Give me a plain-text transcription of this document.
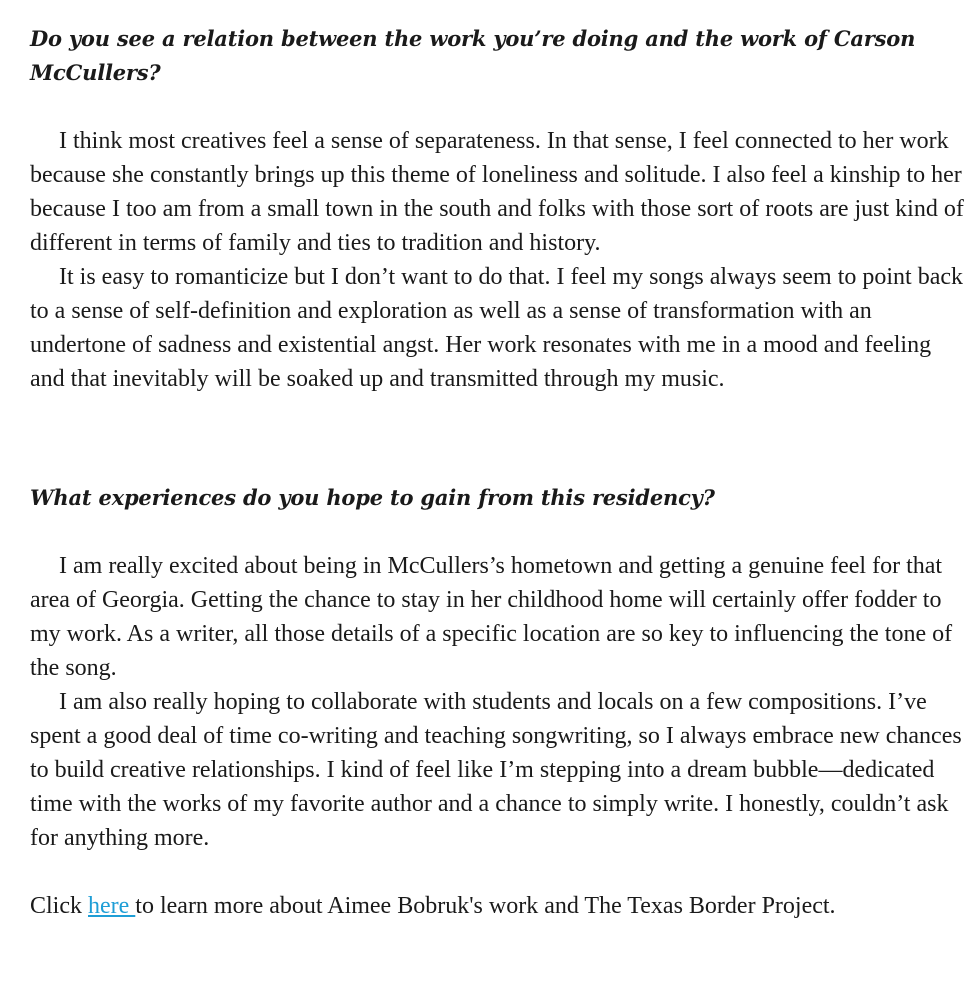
Do you see a relation between the work you’re doing and the work of Carson McCullers?

I think most creatives feel a sense of separateness. In that sense, I feel connected to her work because she constantly brings up this theme of loneliness and solitude. I also feel a kinship to her because I too am from a small town in the south and folks with those sort of roots are just kind of different in terms of family and ties to tradition and history.

It is easy to romanticize but I don’t want to do that. I feel my songs always seem to point back to a sense of self-definition and exploration as well as a sense of transformation with an undertone of sadness and existential angst. Her work resonates with me in a mood and feeling and that inevitably will be soaked up and transmitted through my music.

What experiences do you hope to gain from this residency?

I am really excited about being in McCullers’s hometown and getting a genuine feel for that area of Georgia. Getting the chance to stay in her childhood home will certainly offer fodder to my work. As a writer, all those details of a specific location are so key to influencing the tone of the song.

I am also really hoping to collaborate with students and locals on a few compositions. I’ve spent a good deal of time co-writing and teaching songwriting, so I always embrace new chances to build creative relationships. I kind of feel like I’m stepping into a dream bubble—dedicated time with the works of my favorite author and a chance to simply write. I honestly, couldn’t ask for anything more.

Click here to learn more about Aimee Bobruk's work and The Texas Border Project.
